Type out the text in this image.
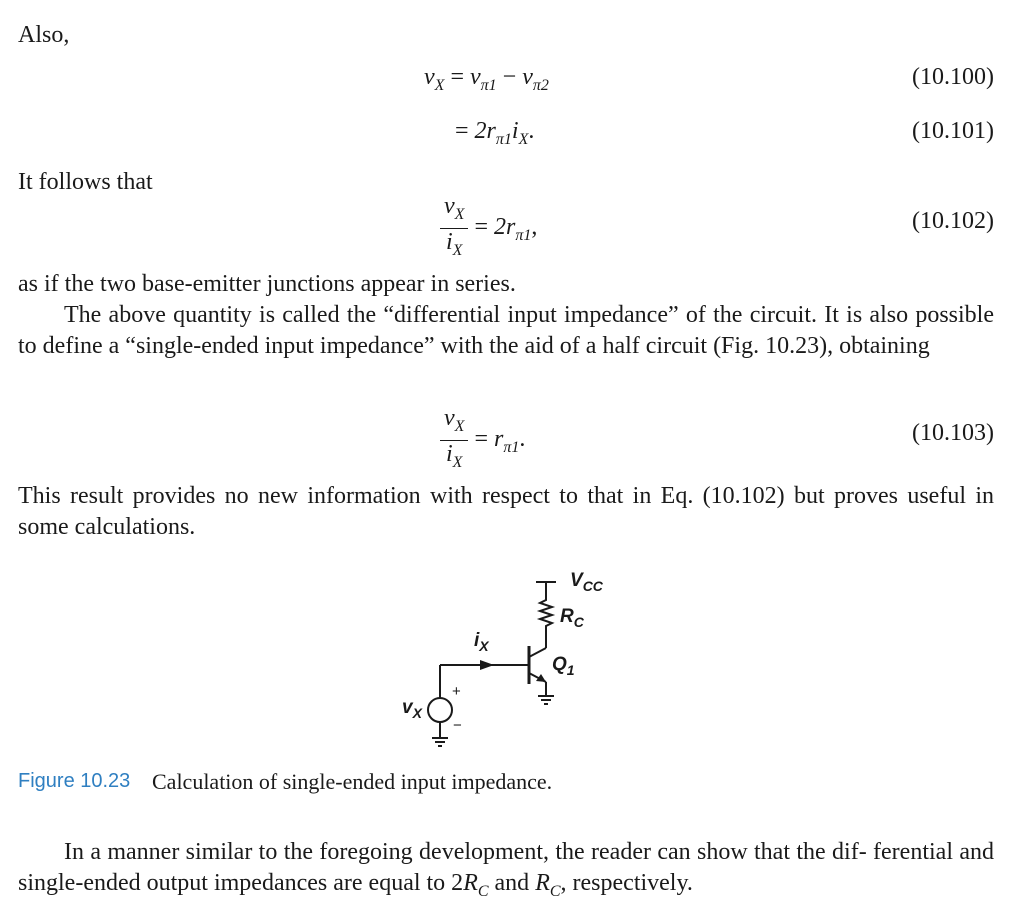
Also,
$v_X = v_{\pi 1} - v_{\pi 2}$	(10.100)
= $2r_{\pi 1}i_X$.	(10.101)
It follows that
$\frac{v_X}{i_X} = 2r_{\pi 1}$,	(10.102)
as if the two base-emitter junctions appear in series.
The above quantity is called the “differential input impedance” of the circuit. It is also possible to define a “single-ended input impedance” with the aid of a half circuit (Fig. 10.23), obtaining
$\frac{v_X}{i_X} = r_{\pi 1}$.	(10.103)
This result provides no new information with respect to that in Eq. (10.102) but proves useful in some calculations.
$V_{CC}$
$R_C$
$i_X$
$Q_1$
$v_X$
+
−
Figure 10.23 Calculation of single-ended input impedance.
In a manner similar to the foregoing development, the reader can show that the dif- ferential and single-ended output impedances are equal to $2R_C$ and $R_C$, respectively.
